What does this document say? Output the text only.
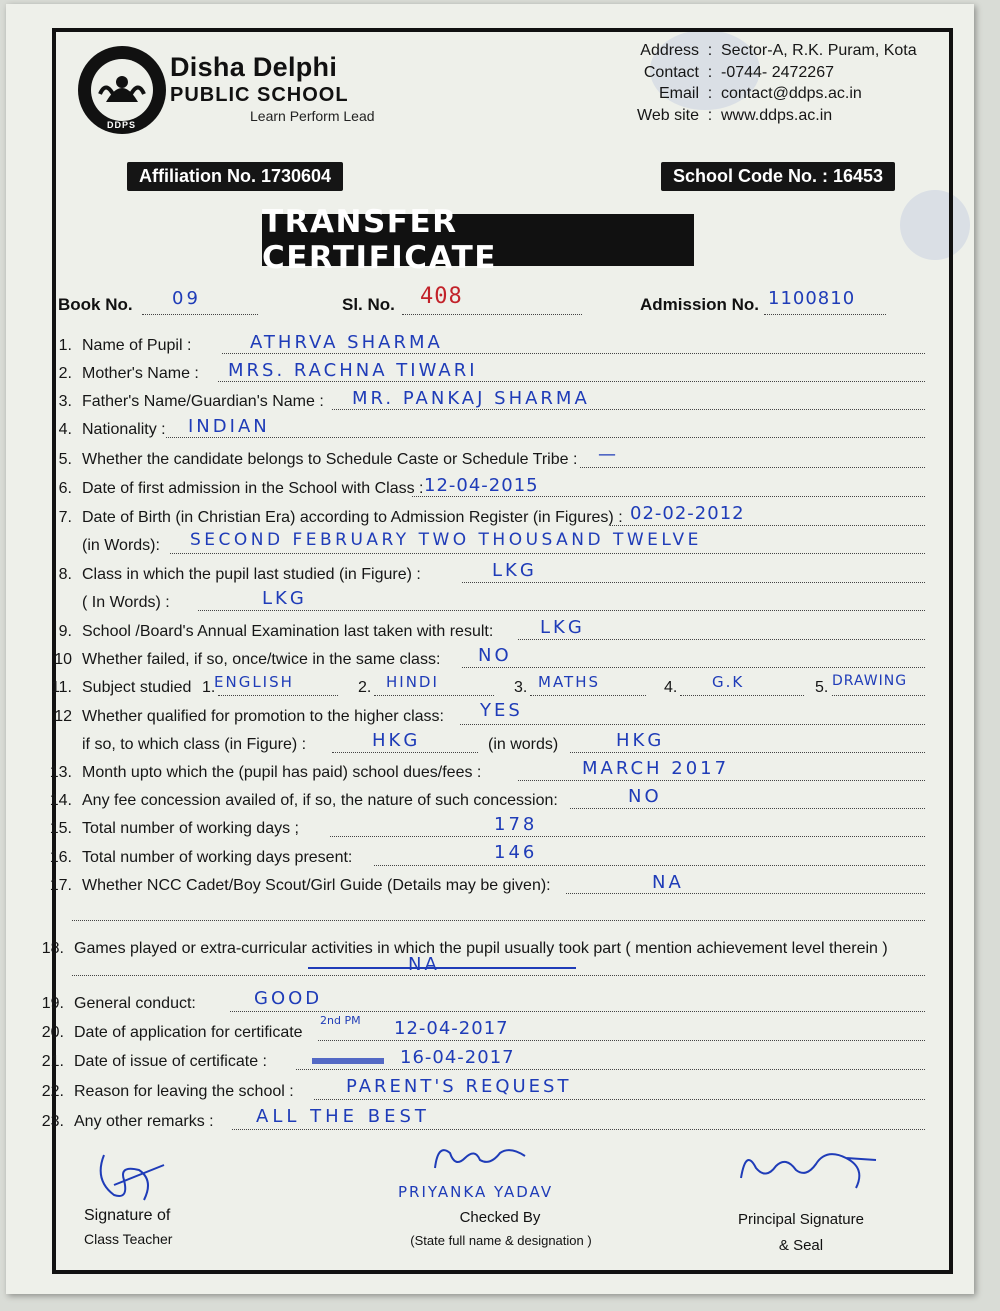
DDPS
Disha Delphi
PUBLIC SCHOOL
Learn Perform Lead
Address : Sector-A, R.K. Puram, Kota
Contact : -0744- 2472267
Email : contact@ddps.ac.in
Web site : www.ddps.ac.in
Affiliation No. 1730604	School Code No. : 16453
TRANSFER CERTIFICATE
Book No. 09	Sl. No. 408	Admission No. 1100810
1. Name of Pupil :	ATHRVA SHARMA
2. Mother's Name : MRS. RACHNA TIWARI
3. Father's Name/Guardian's Name : MR. PANKAJ SHARMA
4. Nationality : INDIAN
5. Whether the candidate belongs to Schedule Caste or Schedule Tribe : —
6. Date of first admission in the School with Class : 12-04-2015
7. Date of Birth (in Christian Era) according to Admission Register (in Figures) : 02-02-2012
(in Words): SECOND FEBRUARY TWO THOUSAND TWELVE
8. Class in which the pupil last studied (in Figure) :	LKG
( In Words) :	LKG
9. School /Board's Annual Examination last taken with result:	LKG
10 Whether failed, if so, once/twice in the same class: NO
11. Subject studied 1.
ENGLISH	2. HINDI	3. MATHS	4. G.K	5. DRAWING
12 Whether qualified for promotion to the higher class: YES
if so, to which class (in Figure) :	HKG	(in words)	HKG
13. Month upto which the (pupil has paid) school dues/fees :	MARCH 2017
14. Any fee concession availed of, if so, the nature of such concession:	NO
15. Total number of working days ;	178
16. Total number of working days present:	146
17. Whether NCC Cadet/Boy Scout/Girl Guide (Details may be given):	NA
18. Games played or extra-curricular activities in which the pupil usually took part ( mention achievement level therein )
NA
19. General conduct:	GOOD
20. Date of application for certificate
2nd PM 12-04-2017
21. Date of issue of certificate :	16-04-2017
22. Reason for leaving the school :	PARENT'S REQUEST
23. Any other remarks : ALL THE BEST
PRIYANKA YADAV
Signature of
Class Teacher
Checked By
(State full name & designation )
Principal Signature
& Seal
